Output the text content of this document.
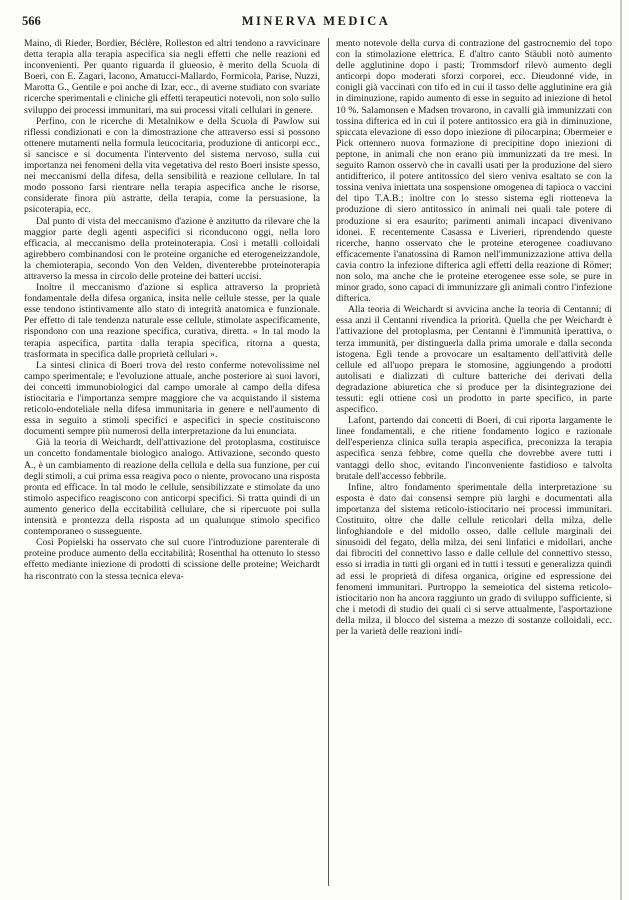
566	MINERVA MEDICA

Maino, di Rieder, Bordier, Béclère, Rolleston ed altri tendono a ravvicinare detta terapia alla terapia aspecifica sia negli effetti che nelle reazioni ed inconvenienti. Per quanto riguarda il glueosio, è merito della Scuola di Boeri, con E. Zagari, Iacono, Amatucci-Mallardo, Formicola, Parise, Nuzzi, Marotta G., Gentile e poi anche di Izar, ecc., di averne studiato con svariate ricerche sperimentali e cliniche gli effetti terapeutici notevoli, non solo sullo sviluppo dei processi immunitari, ma sui processi vitali cellulari in genere.

Perfino, con le ricerche di Metalnikow e della Scuola di Pawlow sui riflessi condizionati e con la dimostrazione che attraverso essi si possono ottenere mutamenti nella formula leucocitaria, produzione di anticorpi ecc., si sancisce e si documenta l'intervento del sistema nervoso, sulla cui importanza nei fenomeni della vita vegetativa del resto Boeri insiste spesso, nei meccanismi della difesa, della sensibilità e reazione cellulare. In tal modo possono farsi rientrare nella terapia aspecifica anche le risorse, considerate finora più astratte, della terapia, come la persuasione, la psicoterapia, ecc.

Dal punto di vista del meccanismo d'azione è anzitutto da rilevare che la maggior parte degli agenti aspecifici si riconducono oggi, nella loro efficacia, al meccanismo della proteinoterapia. Così i metalli colloidali agirebbero combinandosi con le proteine organiche ed eterogeneizzandole, la chemioterapia, secondo Von den Velden, diventerebbe proteinoterapia attraverso la messa in circolo delle proteine dei batteri uccisi.

Inoltre il meccanismo d'azione si esplica attraverso la proprietà fondamentale della difesa organica, insita nelle cellule stesse, per la quale esse tendono istintivamente allo stato di integrità anatomica e funzionale. Per effetto di tale tendenza naturale esse cellule, stimolate aspecificamente, rispondono con una reazione specifica, curativa, diretta. « In tal modo la terapia aspecifica, partita dalla terapia specifica, ritorna a questa, trasformata in specifica dalle proprietà cellulari ».

La sintesi clinica di Boeri trova del resto conferme notevolissime nel campo sperimentale; e l'evoluzione attuale, anche posteriore ai suoi lavori, dei concetti immunobiologici dal campo umorale al campo della difesa istiocitaria e l'importanza sempre maggiore che va acquistando il sistema reticolo-endoteliale nella difesa immunitaria in genere e nell'aumento di essa in seguito a stimoli specifici e aspecifici in specie costituiscono documenti sempre più numerosi della interpretazione da lui enunciata.

Già la teoria di Weichardt, dell'attivazione del protoplasma, costituisce un concetto fondamentale biologico analogo. Attivazione, secondo questo A., è un cambiamento di reazione della cellula e della sua funzione, per cui degli stimoli, a cui prima essa reagiva poco o niente, provocano una risposta pronta ed efficace. In tal modo le cellule, sensibilizzate e stimolate da uno stimolo aspecifico reagiscono con anticorpi specifici. Si tratta quindi di un aumento generico della eccitabilità cellulare, che si ripercuote poi sulla intensità e prontezza della risposta ad un qualunque stimolo specifico contemporaneo o susseguente.

Così Popielski ha osservato che sul cuore l'introduzione parenterale di proteine produce aumento della eccitabilità; Rosenthal ha ottenuto lo stesso effetto mediante iniezione di prodotti di scissione delle proteine; Weichardt ha riscontrato con la stessa tecnica eleva-

mento notevole della curva di contrazione del gastrocnemio del topo con la stimolazione elettrica. E d'altro canto Stäubli notò aumento delle agglutinine dopo i pasti; Trommsdorf rilevò aumento degli anticorpi dopo moderati sforzi corporei, ecc. Dieudonné vide, in conigli già vaccinati con tifo ed in cui il tasso delle agglutinine era già in diminuzione, rapido aumento di esse in seguito ad iniezione di hetol 10 %. Salamonsen e Madsen trovarono, in cavalli già immunizzati con tossina difterica ed in cui il potere antitossico era già in diminuzione, spiccata elevazione di esso dopo iniezione di pilocarpina; Obermeier e Pick ottennero nuova formazione di precipitine dopo iniezioni di peptone, in animali che non erano più immunizzati da tre mesi. In seguito Ramon osservò che in cavalli usati per la produzione del siero antidifterico, il potere antitossico del siero veniva esaltato se con la tossina veniva iniettata una sospensione omogenea di tapioca o vaccini del tipo T.A.B.; inoltre con lo stesso sistema egli riotteneva la produzione di siero antitossico in animali nei quali tale potere di produzione si era esaurito; parimenti animali incapaci divenivano idonei. E recentemente Casassa e Liverieri, riprendendo queste ricerche, hanno osservato che le proteine eterogenee coadiuvano efficacemente l'anatossina di Ramon nell'immunizzazione attiva della cavia contro la infezione difterica agli effetti della reazione di Römer; non solo, ma anche che le proteine eterogenee esse sole, se pure in minor grado, sono capaci di immunizzare gli animali contro l'infezione difterica.

Alla teoria di Weichardt si avvicina anche la teoria di Centanni; di essa anzi il Centanni rivendica la priorità. Quella che per Weichardt è l'attivazione del protoplasma, per Centanni è l'immunità iperattiva, o terza immunità, per distinguerla dalla prima umorale e dalla seconda istogena. Egli tende a provocare un esaltamento dell'attività delle cellule ed all'uopo prepara le stomosine, aggiungendo a prodotti autolisati e dializzati di culture batteriche dei derivati della degradazione abiuretica che si produce per la disintegrazione dei tessuti: egli ottiene così un prodotto in parte specifico, in parte aspecifico.

Lafont, partendo dai concetti di Boeri, di cui riporta largamente le linee fondamentali, e che ritiene fondamento logico e razionale dell'esperienza clinica sulla terapia aspecifica, preconizza la terapia aspecifica senza febbre, come quella che dovrebbe avere tutti i vantaggi dello shoc, evitando l'inconveniente fastidioso e talvolta brutale dell'accesso febbrile.

Infine, altro fondamento sperimentale della interpretazione su esposta è dato dai consensi sempre più larghi e documentati alla importanza del sistema reticolo-istiocitario nei processi immunitari. Costituito, oltre che dalle cellule reticolari della milza, delle linfoghiandole e del midollo osseo, dalle cellule marginali dei sinusoidi del fegato, della milza, dei seni linfatici e midollari, anche dai fibrociti del connettivo lasso e dalle cellule del connettivo stesso, esso si irradia in tutti gli organi ed in tutti i tessuti e generalizza quindi ad essi le proprietà di difesa organica, origine ed espressione dei fenomeni immunitari. Purtroppo la semeiotica del sistema reticolo-istiocitario non ha ancora raggiunto un grado di sviluppo sufficiente, sì che i metodi di studio dei quali ci si serve attualmente, l'asportazione della milza, il blocco del sistema a mezzo di sostanze colloidali, ecc. per la varietà delle reazioni indi-
